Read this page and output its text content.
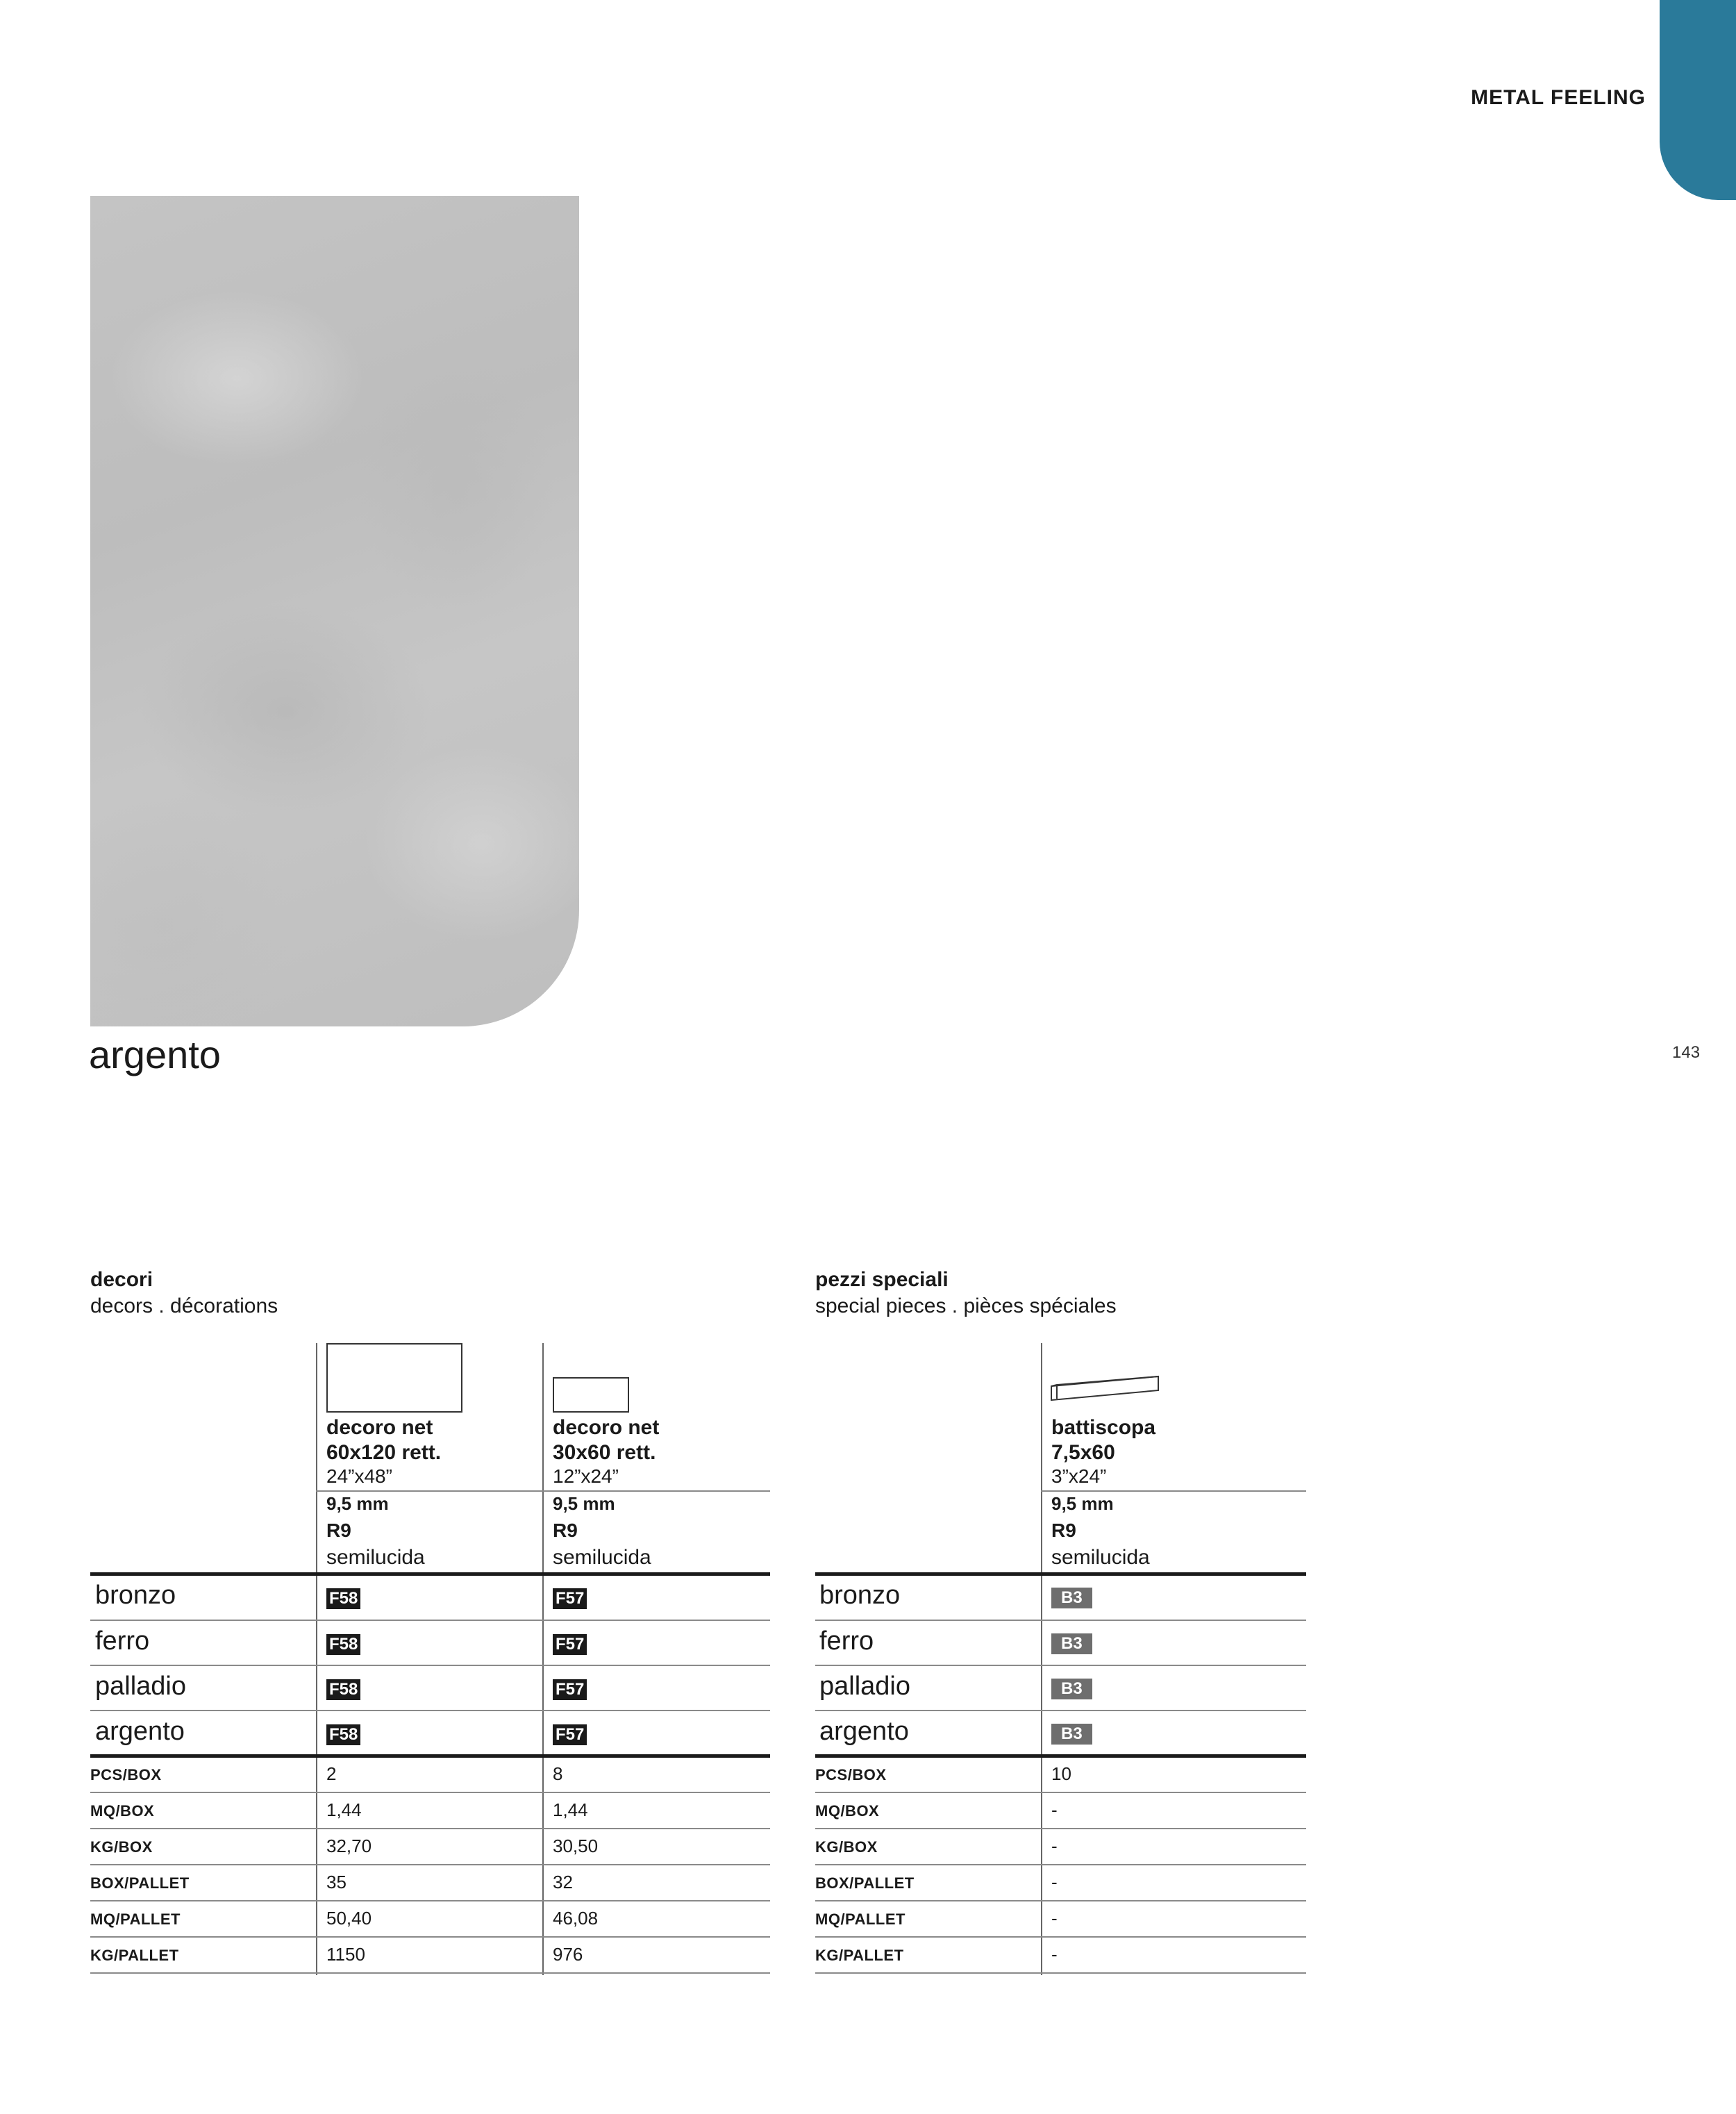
METAL FEELING
143
argento
decori
decors . décorations
decoro net
60x120 rett.
24”x48”
9,5 mm
R9
semilucida
decoro net
30x60 rett.
12”x24”
9,5 mm
R9
semilucida
bronzo	F58	F57
ferro	F58	F57
palladio	F58	F57
argento	F58	F57
PCS/BOX	2	8
MQ/BOX	1,44	1,44
KG/BOX	32,70	30,50
BOX/PALLET	35	32
MQ/PALLET	50,40	46,08
KG/PALLET	1150	976
pezzi speciali
special pieces . pièces spéciales
battiscopa
7,5x60
3”x24”
9,5 mm
R9
semilucida
bronzo	B3
ferro	B3
palladio	B3
argento	B3
PCS/BOX	10
MQ/BOX	-
KG/BOX	-
BOX/PALLET	-
MQ/PALLET	-
KG/PALLET	-
